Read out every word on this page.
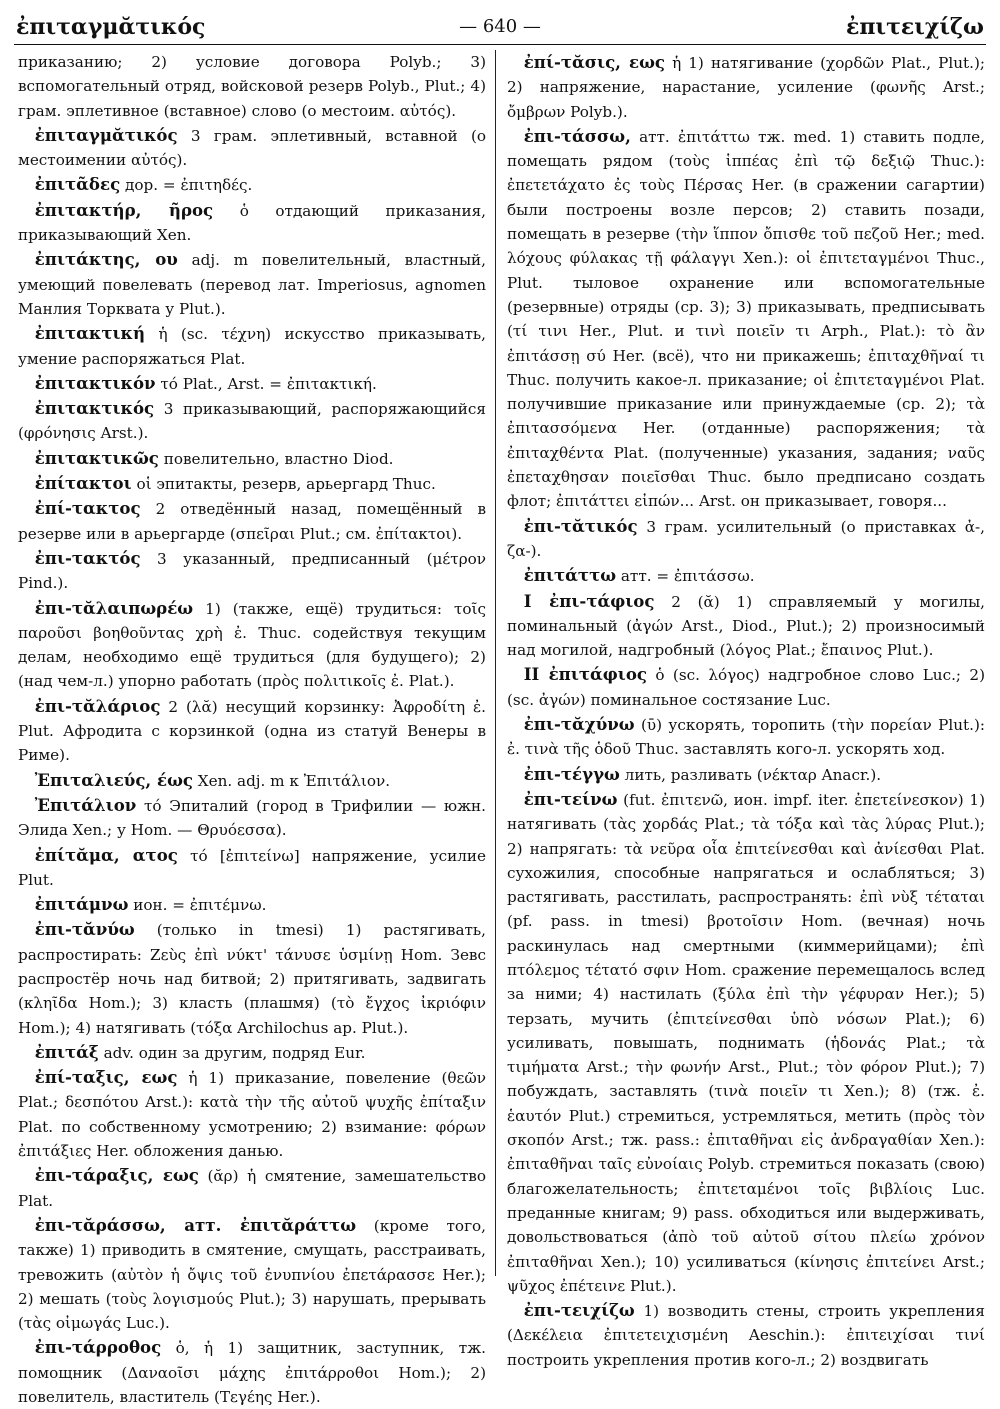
ἐπιταγμᾰτικός	— 640 —	ἐπιτειχίζω

приказанию; 2) условие договора Polyb.; 3) вспомогательный отряд, войсковой резерв Polyb., Plut.; 4) грам. эплетивное (вставное) слово (о местоим. αὐτός).

ἐπιταγμᾰτικός 3 грам. эплетивный, вставной (о местоимении αὐτός).

ἐπιτᾶδες дор. = ἐπιτηδές.

ἐπιτακτήρ, ῆρος ὁ отдающий приказания, приказывающий Xen.

ἐπιτάκτης, ου adj. m повелительный, властный, умеющий повелевать (перевод лат. Imperiosus, agnomen Манлия Торквата у Plut.).

ἐπιτακτική ἡ (sc. τέχνη) искусство приказывать, умение распоряжаться Plat.

ἐπιτακτικόν τό Plat., Arst. = ἐπιτακτική.

ἐπιτακτικός 3 приказывающий, распоряжающийся (φρόνησις Arst.).

ἐπιτακτικῶς повелительно, властно Diod.

ἐπίτακτοι οἱ эпитакты, резерв, арьергард Thuc.

ἐπί-τακτος 2 отведённый назад, помещённый в резерве или в арьергарде (σπεῖραι Plut.; см. ἐπίτακτοι).

ἐπι-τακτός 3 указанный, предписанный (μέτρον Pind.).

ἐπι-τᾰλαιπωρέω 1) (также, ещё) трудиться: τοῖς παροῦσι βοηθοῦντας χρὴ ἐ. Thuc. содействуя текущим делам, необходимо ещё трудиться (для будущего); 2) (над чем-л.) упорно работать (πρὸς πολιτικοῖς ἐ. Plat.).

ἐπι-τᾰλάριος 2 (λᾰ) несущий корзинку: Ἀφροδίτη ἐ. Plut. Афродита с корзинкой (одна из статуй Венеры в Риме).

Ἐπιταλιεύς, έως Xen. adj. m к Ἐπιτάλιον.

Ἐπιτάλιον τό Эпиталий (город в Трифилии — южн. Элида Xen.; у Hom. — Θρυόεσσα).

ἐπίτᾰμα, ατος τό [ἐπιτείνω] напряжение, усилие Plut.

ἐπιτάμνω ион. = ἐπιτέμνω.

ἐπι-τᾰνύω (только in tmesi) 1) растягивать, распростирать: Ζεὺς ἐπὶ νύκτ' τάνυσε ὑσμίνῃ Hom. Зевс распростёр ночь над битвой; 2) притягивать, задвигать (κληῖδα Hom.); 3) класть (плашмя) (τὸ ἔγχος ἰκριόφιν Hom.); 4) натягивать (τόξα Archilochus ap. Plut.).

ἐπιτάξ adv. один за другим, подряд Eur.

ἐπί-ταξις, εως ἡ 1) приказание, повеление (θεῶν Plat.; δεσπότου Arst.): κατὰ τὴν τῆς αὐτοῦ ψυχῆς ἐπίταξιν Plat. по собственному усмотрению; 2) взимание: φόρων ἐπιτάξιες Her. обложения данью.

ἐπι-τάραξις, εως (ᾰρ) ἡ смятение, замешательство Plat.

ἐπι-τᾰράσσω, атт. ἐπιτᾰράττω (кроме того, также) 1) приводить в смятение, смущать, расстраивать, тревожить (αὐτὸν ἡ ὄψις τοῦ ἐνυπνίου ἐπετάρασσε Her.); 2) мешать (τοὺς λογισμούς Plut.); 3) нарушать, прерывать (τὰς οἰμωγάς Luc.).

ἐπι-τάρροθος ὁ, ἡ 1) защитник, заступник, тж. помощник (Δαναοῖσι μάχης ἐπιτάρροθοι Hom.); 2) повелитель, властитель (Τεγέης Her.).

ἐπί-τᾰσις, εως ἡ 1) натягивание (χορδῶν Plat., Plut.); 2) напряжение, нарастание, усиление (φωνῆς Arst.; ὄμβρων Polyb.).

ἐπι-τάσσω, атт. ἐπιτάττω тж. med. 1) ставить подле, помещать рядом (τοὺς ἱππέας ἐπὶ τῷ δεξιῷ Thuc.): ἐπετετάχατο ἐς τοὺς Πέρσας Her. (в сражении сагартии) были построены возле персов; 2) ставить позади, помещать в резерве (τὴν ἵππον ὄπισθε τοῦ πεζοῦ Her.; med. λόχους φύλακας τῇ φάλαγγι Xen.): οἱ ἐπιτεταγμένοι Thuc., Plut. тыловое охранение или вспомогательные (резервные) отряды (ср. 3); 3) приказывать, предписывать (τί τινι Her., Plut. и τινὶ ποιεῖν τι Arph., Plat.): τὸ ἂν ἐπιτάσσῃ σύ Her. (всё), что ни прикажешь; ἐπιταχθῆναί τι Thuc. получить какое-л. приказание; οἱ ἐπιτεταγμένοι Plat. получившие приказание или принуждаемые (ср. 2); τὰ ἐπιτασσόμενα Her. (отданные) распоряжения; τὰ ἐπιταχθέντα Plat. (полученные) указания, задания; ναῦς ἐπεταχθησαν ποιεῖσθαι Thuc. было предписано создать флот; ἐπιτάττει εἰπών... Arst. он приказывает, говоря...

ἐπι-τᾰτικός 3 грам. усилительный (о приставках ἀ-, ζα-).

ἐπιτάττω атт. = ἐπιτάσσω.

I ἐπι-τάφιος 2 (ᾰ) 1) справляемый у могилы, поминальный (ἀγών Arst., Diod., Plut.); 2) произносимый над могилой, надгробный (λόγος Plat.; ἔπαινος Plut.).

II ἐπιτάφιος ὁ (sc. λόγος) надгробное слово Luc.; 2) (sc. ἀγών) поминальное состязание Luc.

ἐπι-τᾰχύνω (ῡ) ускорять, торопить (τὴν πορείαν Plut.): ἐ. τινὰ τῆς ὁδοῦ Thuc. заставлять кого-л. ускорять ход.

ἐπι-τέγγω лить, разливать (νέκταρ Anacr.).

ἐπι-τείνω (fut. ἐπιτενῶ, ион. impf. iter. ἐπετείνεσκον) 1) натягивать (τὰς χορδάς Plat.; τὰ τόξα καὶ τὰς λύρας Plut.); 2) напрягать: τὰ νεῦρα οἷα ἐπιτείνεσθαι καὶ ἀνίεσθαι Plat. сухожилия, способные напрягаться и ослабляться; 3) растягивать, расстилать, распространять: ἐπὶ νὺξ τέταται (pf. pass. in tmesi) βροτοῖσιν Hom. (вечная) ночь раскинулась над смертными (киммерийцами); ἐπὶ πτόλεμος τέτατό σφιν Hom. сражение перемещалось вслед за ними; 4) настилать (ξύλα ἐπὶ τὴν γέφυραν Her.); 5) терзать, мучить (ἐπιτείνεσθαι ὑπὸ νόσων Plat.); 6) усиливать, повышать, поднимать (ἡδονάς Plat.; τὰ τιμήματα Arst.; τὴν φωνήν Arst., Plut.; τὸν φόρον Plut.); 7) побуждать, заставлять (τινὰ ποιεῖν τι Xen.); 8) (тж. ἐ. ἑαυτόν Plut.) стремиться, устремляться, метить (πρὸς τὸν σκοπόν Arst.; тж. pass.: ἐπιταθῆναι εἰς ἀνδραγαθίαν Xen.): ἐπιταθῆναι ταῖς εὐνοίαις Polyb. стремиться показать (свою) благожелательность; ἐπιτεταμένοι τοῖς βιβλίοις Luc. преданные книгам; 9) pass. обходиться или выдерживать, довольствоваться (ἀπὸ τοῦ αὐτοῦ σίτου πλείω χρόνον ἐπιταθῆναι Xen.); 10) усиливаться (κίνησις ἐπιτείνει Arst.; ψῦχος ἐπέτεινε Plut.).

ἐπι-τειχίζω 1) возводить стены, строить укрепления (Δεκέλεια ἐπιτετειχισμένη Aeschin.): ἐπιτειχίσαι τινί построить укрепления против кого-л.; 2) воздвигать
